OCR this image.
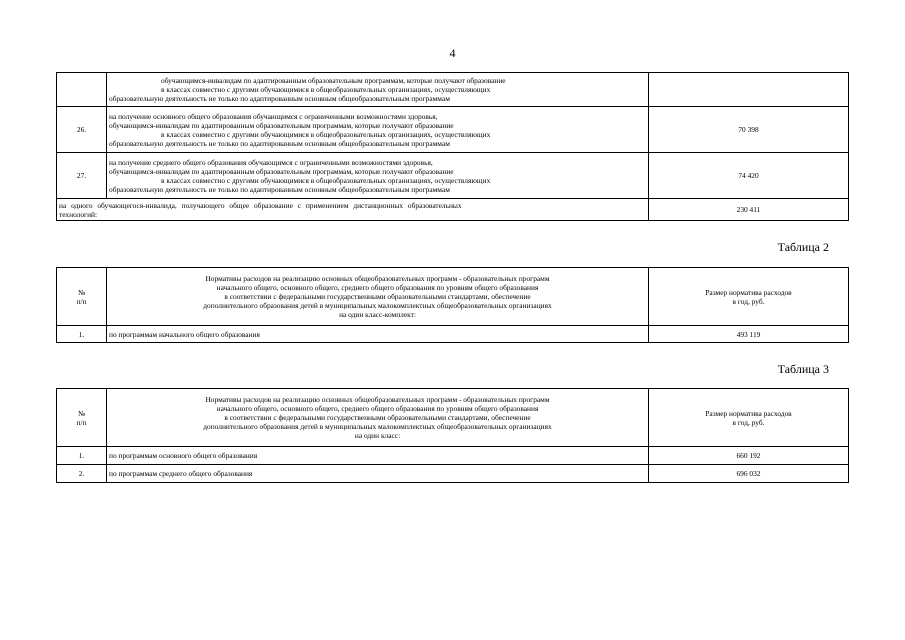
4

	обучающимся-инвалидам по адаптированным образовательным программам, которые получают образование
в классах совместно с другими обучающимися в общеобразовательных организациях, осуществляющих
образовательную деятельность не только по адаптированным основным общеобразовательным программам	

26.	на получение основного общего образования обучающимся с ограниченными возможностями здоровья,
обучающимся-инвалидам по адаптированным образовательным программам, которые получают образование
в классах совместно с другими обучающимися в общеобразовательных организациях, осуществляющих
образовательную деятельность не только по адаптированным основным общеобразовательным программам	70 398
27.	на получение среднего общего образования обучающимся с ограниченными возможностями здоровья,
обучающимся-инвалидам по адаптированным образовательным программам, которые получают образование
в классах совместно с другими обучающимися в общеобразовательных организациях, осуществляющих
образовательную деятельность не только по адаптированным основным общеобразовательным программам	74 420

на одного обучающегося-инвалида, получающего общее образование с применением дистанционных образовательных
технологий:		230 411
Таблица 2
№
п/п	Нормативы расходов на реализацию основных общеобразовательных программ - образовательных программ
начального общего, основного общего, среднего общего образования по уровням общего образования
в соответствии с федеральными государственными образовательными стандартами, обеспечение
дополнительного образования детей в муниципальных малокомплектных общеобразовательных организациях
на один класс-комплект:	Размер норматива расходов
в год, руб.

1.	по программам начального общего образования	493 119
Таблица 3
№
п/п	Нормативы расходов на реализацию основных общеобразовательных программ - образовательных программ
начального общего, основного общего, среднего общего образования по уровням общего образования
в соответствии с федеральными государственными образовательными стандартами, обеспечение
дополнительного образования детей в муниципальных малокомплектных общеобразовательных организациях
на один класс:	Размер норматива расходов
в год, руб.

1.	по программам основного общего образования	660 192
2.	по программам среднего общего образования	696 032
